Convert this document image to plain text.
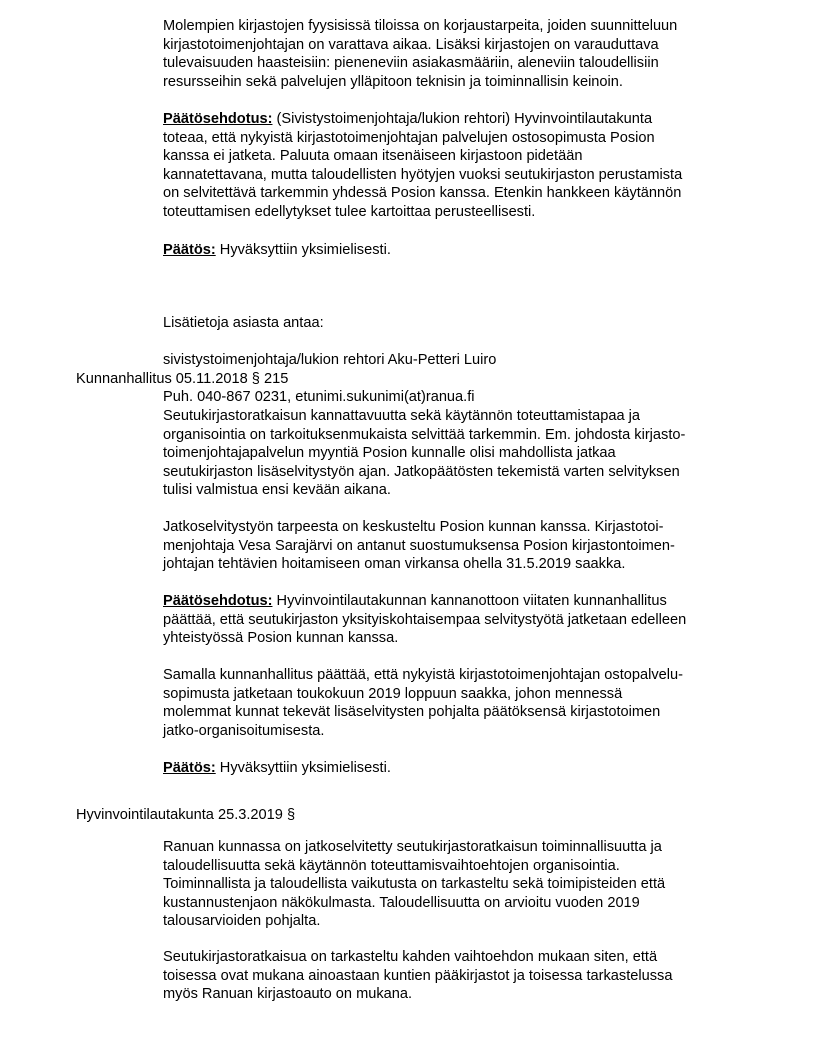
Molempien kirjastojen fyysisissä tiloissa on korjaustarpeita, joiden suunnitteluun
kirjastotoimenjohtajan on varattava aikaa. Lisäksi kirjastojen on varauduttava
tulevaisuuden haasteisiin: pieneneviin asiakasmääriin, aleneviin taloudellisiin
resursseihin sekä palvelujen ylläpitoon teknisin ja toiminnallisin keinoin.

Päätösehdotus: (Sivistystoimenjohtaja/lukion rehtori) Hyvinvointilautakunta
toteaa, että nykyistä kirjastotoimenjohtajan palvelujen ostosopimusta Posion
kanssa ei jatketa. Paluuta omaan itsenäiseen kirjastoon pidetään
kannatettavana, mutta taloudellisten hyötyjen vuoksi seutukirjaston perustamista
on selvitettävä tarkemmin yhdessä Posion kanssa. Etenkin hankkeen käytännön
toteuttamisen edellytykset tulee kartoittaa perusteellisesti.

Päätös: Hyväksyttiin yksimielisesti.

Lisätietoja asiasta antaa:

sivistystoimenjohtaja/lukion rehtori Aku-Petteri Luiro

Puh. 040-867 0231, etunimi.sukunimi(at)ranua.fi

Kunnanhallitus 05.11.2018 § 215

Seutukirjastoratkaisun kannattavuutta sekä käytännön toteuttamistapaa ja
organisointia on tarkoituksenmukaista selvittää tarkemmin. Em. johdosta kirjasto-
toimenjohtajapalvelun myyntiä Posion kunnalle olisi mahdollista jatkaa
seutukirjaston lisäselvitystyön ajan. Jatkopäätösten tekemistä varten selvityksen
tulisi valmistua ensi kevään aikana.

Jatkoselvitystyön tarpeesta on keskusteltu Posion kunnan kanssa. Kirjastotoi-
menjohtaja Vesa Sarajärvi on antanut suostumuksensa Posion kirjastontoimen-
johtajan tehtävien hoitamiseen oman virkansa ohella 31.5.2019 saakka.

Päätösehdotus: Hyvinvointilautakunnan kannanottoon viitaten kunnanhallitus
päättää, että seutukirjaston yksityiskohtaisempaa selvitystyötä jatketaan edelleen
yhteistyössä Posion kunnan kanssa.

Samalla kunnanhallitus päättää, että nykyistä kirjastotoimenjohtajan ostopalvelu-
sopimusta jatketaan toukokuun 2019 loppuun saakka, johon mennessä
molemmat kunnat tekevät lisäselvitysten pohjalta päätöksensä kirjastotoimen
jatko-organisoitumisesta.

Päätös: Hyväksyttiin yksimielisesti.

Hyvinvointilautakunta 25.3.2019 §

Ranuan kunnassa on jatkoselvitetty seutukirjastoratkaisun toiminnallisuutta ja
taloudellisuutta sekä käytännön toteuttamisvaihtoehtojen organisointia.
Toiminnallista ja taloudellista vaikutusta on tarkasteltu sekä toimipisteiden että
kustannustenjaon näkökulmasta. Taloudellisuutta on arvioitu vuoden 2019
talousarvioiden pohjalta.

Seutukirjastoratkaisua on tarkasteltu kahden vaihtoehdon mukaan siten, että
toisessa ovat mukana ainoastaan kuntien pääkirjastot ja toisessa tarkastelussa
myös Ranuan kirjastoauto on mukana.
